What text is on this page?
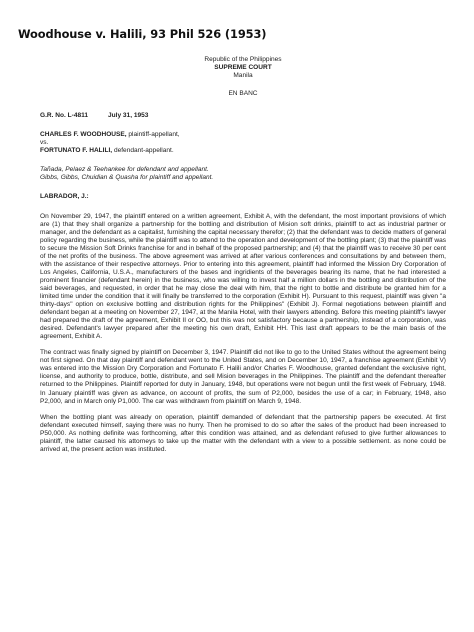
Woodhouse v. Halili, 93 Phil 526 (1953)
Republic of the Philippines
SUPREME COURT
Manila
EN BANC
G.R. No. L-4811	July 31, 1953
CHARLES F. WOODHOUSE, plaintiff-appellant,
vs.
FORTUNATO F. HALILI, defendant-appellant.
Tañada, Pelaez & Teehankee for defendant and appellant.
Gibbs, Gibbs, Chuidian & Quasha for plaintiff and appellant.
LABRADOR, J.:

On November 29, 1947, the plaintiff entered on a written agreement, Exhibit A, with the defendant, the most important provisions of which are (1) that they shall organize a partnership for the bottling and distribution of Mision soft drinks, plaintiff to act as industrial partner or manager, and the defendant as a capitalist, furnishing the capital necessary therefor; (2) that the defendant was to decide matters of general policy regarding the business, while the plaintiff was to attend to the operation and development of the bottling plant; (3) that the plaintiff was to secure the Mission Soft Drinks franchise for and in behalf of the proposed partnership; and (4) that the plaintiff was to receive 30 per cent of the net profits of the business. The above agreement was arrived at after various conferences and consultations by and between them, with the assistance of their respective attorneys. Prior to entering into this agreement, plaintiff had informed the Mission Dry Corporation of Los Angeles, California, U.S.A., manufacturers of the bases and ingridients of the beverages bearing its name, that he had interested a prominent financier (defendant herein) in the business, who was willing to invest half a million dollars in the bottling and distribution of the said beverages, and requested, in order that he may close the deal with him, that the right to bottle and distribute be granted him for a limited time under the condition that it will finally be transferred to the corporation (Exhibit H). Pursuant to this request, plaintiff was given "a thirty-days" option on exclusive bottling and distribution rights for the Philippines" (Exhibit J). Formal negotiations between plaintiff and defendant began at a meeting on November 27, 1947, at the Manila Hotel, with their lawyers attending. Before this meeting plaintiff's lawyer had prepared the draft of the agreement, Exhibit II or OO, but this was not satisfactory because a partnership, instead of a corporation, was desired. Defendant's lawyer prepared after the meeting his own draft, Exhibit HH. This last draft appears to be the main basis of the agreement, Exhibit A.

The contract was finally signed by plaintiff on December 3, 1947. Plaintiff did not like to go to the United States without the agreement being not first signed. On that day plaintiff and defendant went to the United States, and on December 10, 1947, a franchise agreement (Exhibit V) was entered into the Mission Dry Corporation and Fortunato F. Halili and/or Charles F. Woodhouse, granted defendant the exclusive right, license, and authority to produce, bottle, distribute, and sell Mision beverages in the Philippines. The plaintiff and the defendant thereafter returned to the Philippines. Plaintiff reported for duty in January, 1948, but operations were not begun until the first week of February, 1948. In January plaintiff was given as advance, on account of profits, the sum of P2,000, besides the use of a car; in February, 1948, also P2,000, and in March only P1,000. The car was withdrawn from plaintiff on March 9, 1948.

When the bottling plant was already on operation, plaintiff demanded of defendant that the partnership papers be executed. At first defendant executed himself, saying there was no hurry. Then he promised to do so after the sales of the product had been increased to P50,000. As nothing definite was forthcoming, after this condition was attained, and as defendant refused to give further allowances to plaintiff, the latter caused his attorneys to take up the matter with the defendant with a view to a possible settlement. as none could be arrived at, the present action was instituted.
